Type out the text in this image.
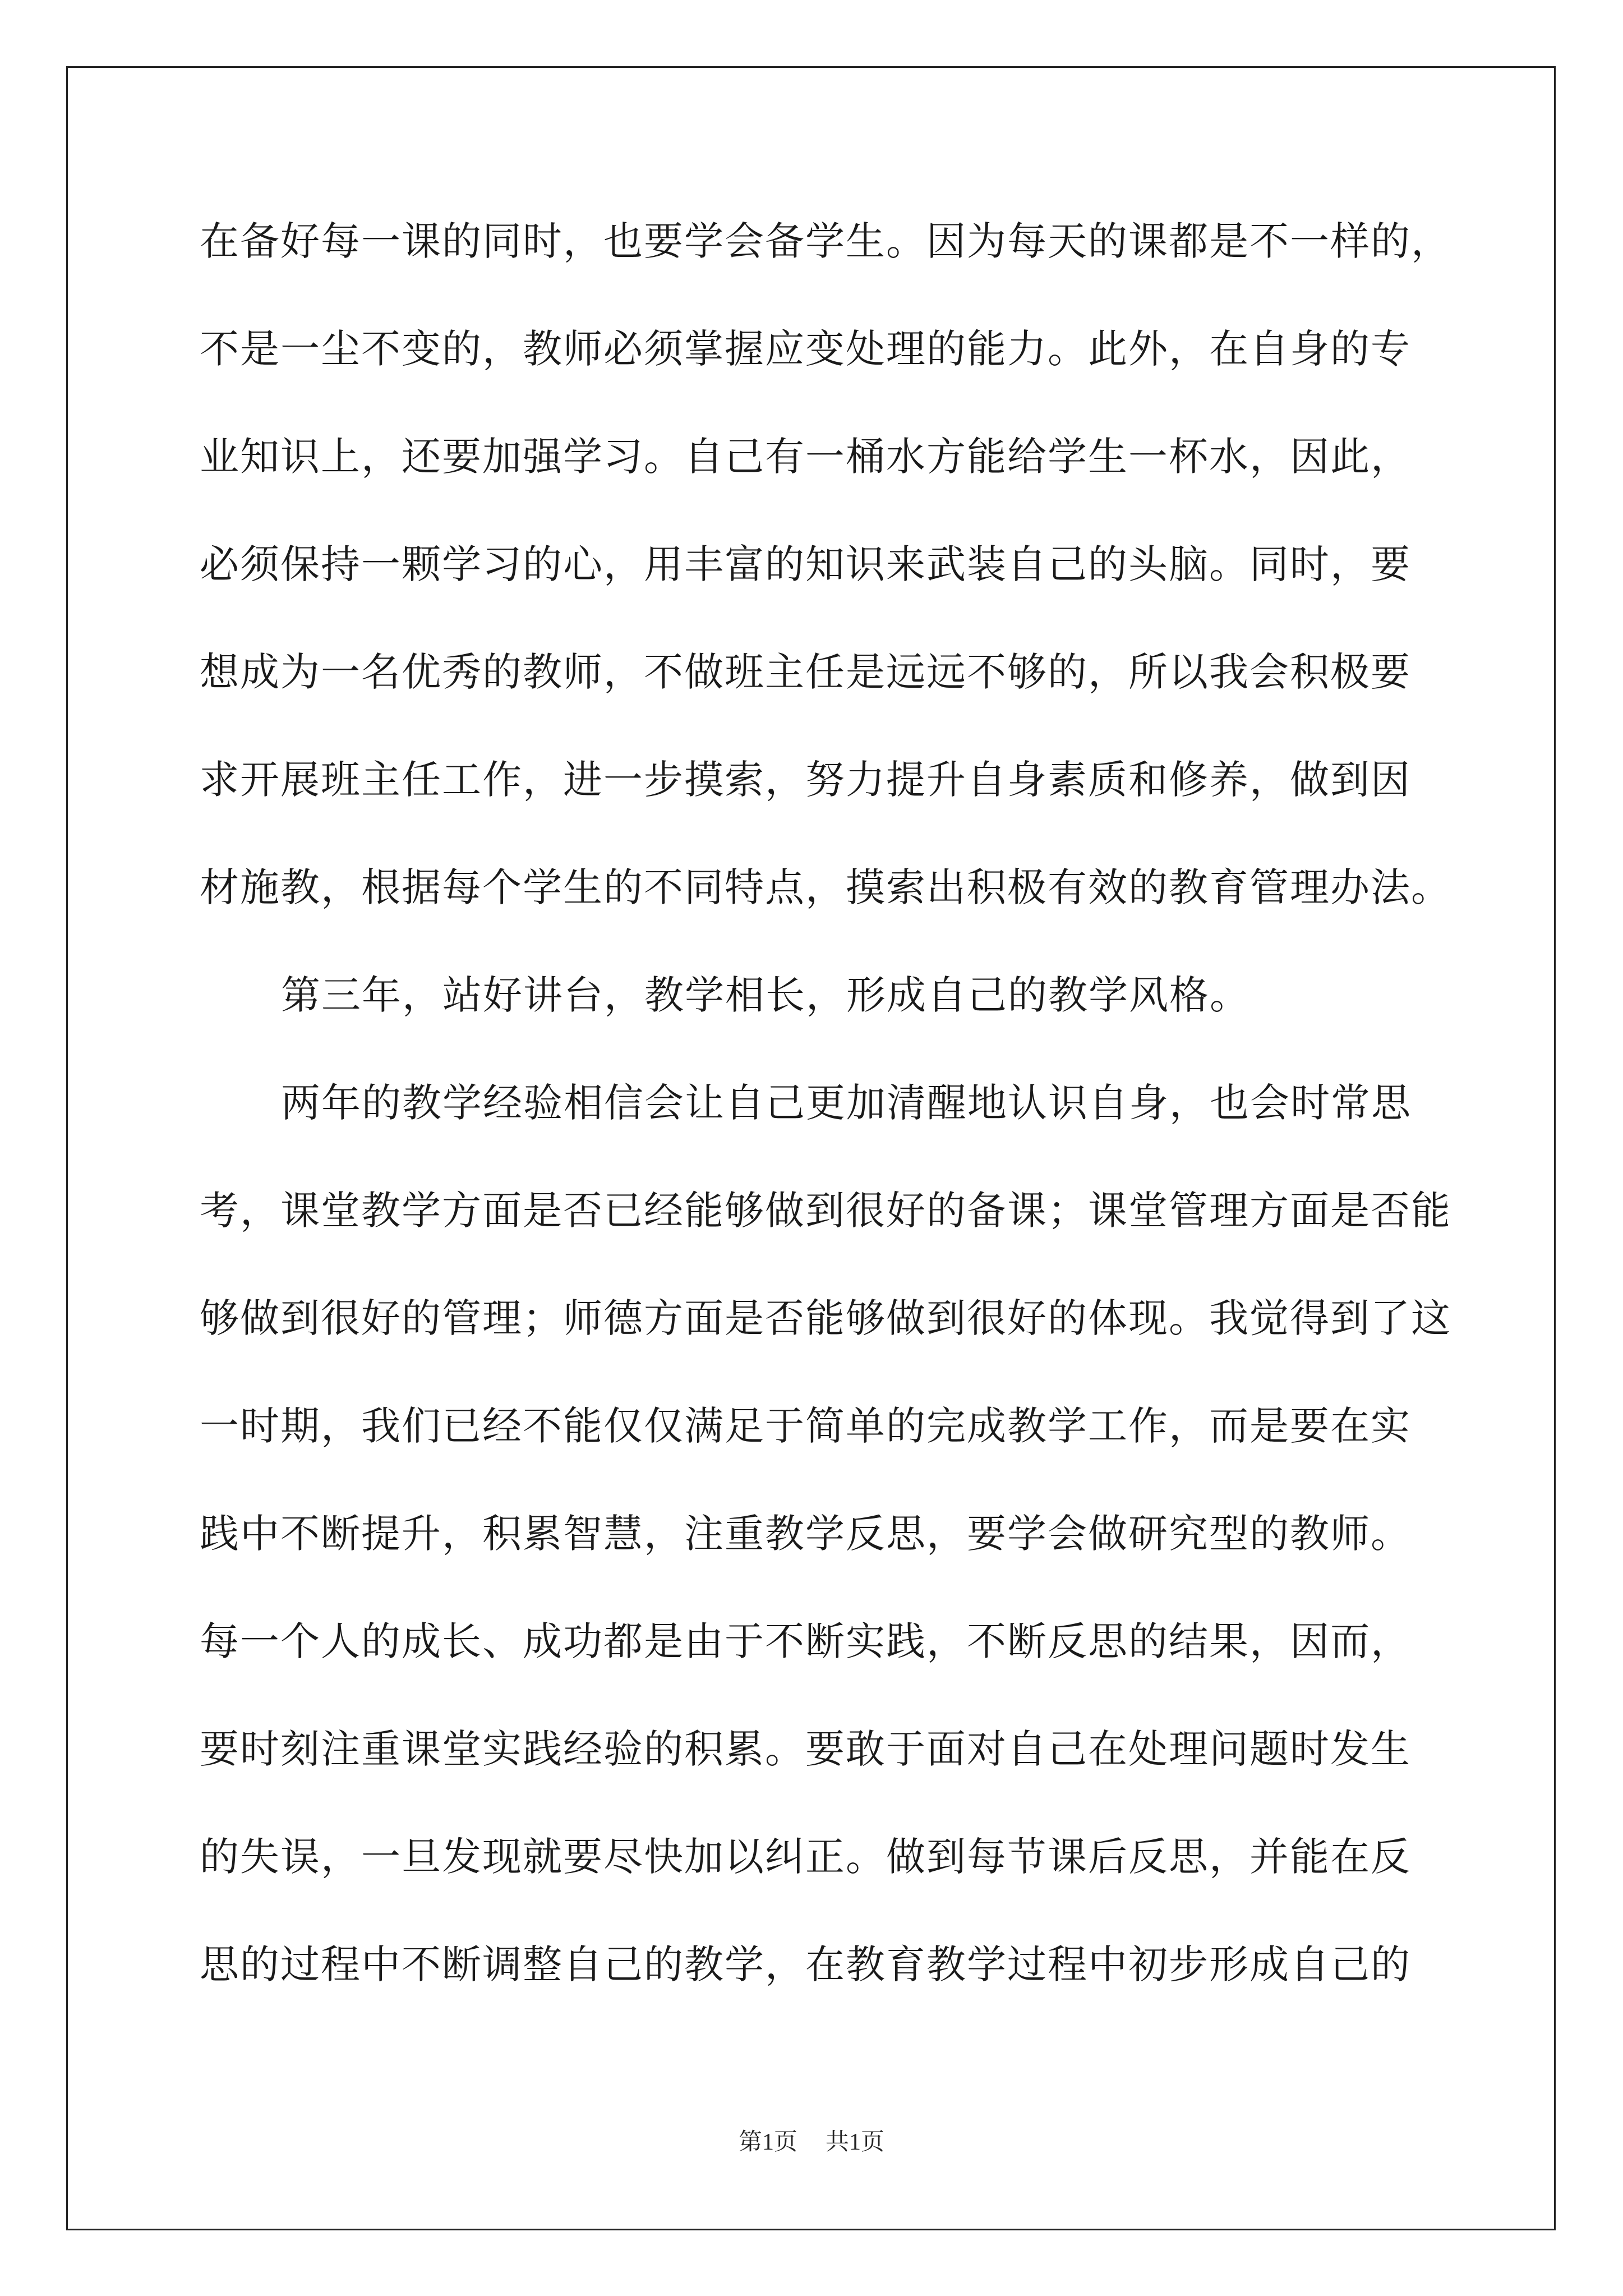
在备好每一课的同时，也要学会备学生。因为每天的课都是不一样的，
不是一尘不变的，教师必须掌握应变处理的能力。此外，在自身的专
业知识上，还要加强学习。自己有一桶水方能给学生一杯水，因此，
必须保持一颗学习的心，用丰富的知识来武装自己的头脑。同时，要
想成为一名优秀的教师，不做班主任是远远不够的，所以我会积极要
求开展班主任工作，进一步摸索，努力提升自身素质和修养，做到因
材施教，根据每个学生的不同特点，摸索出积极有效的教育管理办法。
第三年，站好讲台，教学相长，形成自己的教学风格。
两年的教学经验相信会让自己更加清醒地认识自身，也会时常思
考，课堂教学方面是否已经能够做到很好的备课；课堂管理方面是否能
够做到很好的管理；师德方面是否能够做到很好的体现。我觉得到了这
一时期，我们已经不能仅仅满足于简单的完成教学工作，而是要在实
践中不断提升，积累智慧，注重教学反思，要学会做研究型的教师。
每一个人的成长、成功都是由于不断实践，不断反思的结果，因而，
要时刻注重课堂实践经验的积累。要敢于面对自己在处理问题时发生
的失误，一旦发现就要尽快加以纠正。做到每节课后反思，并能在反
思的过程中不断调整自己的教学，在教育教学过程中初步形成自己的
第1页 共1页
